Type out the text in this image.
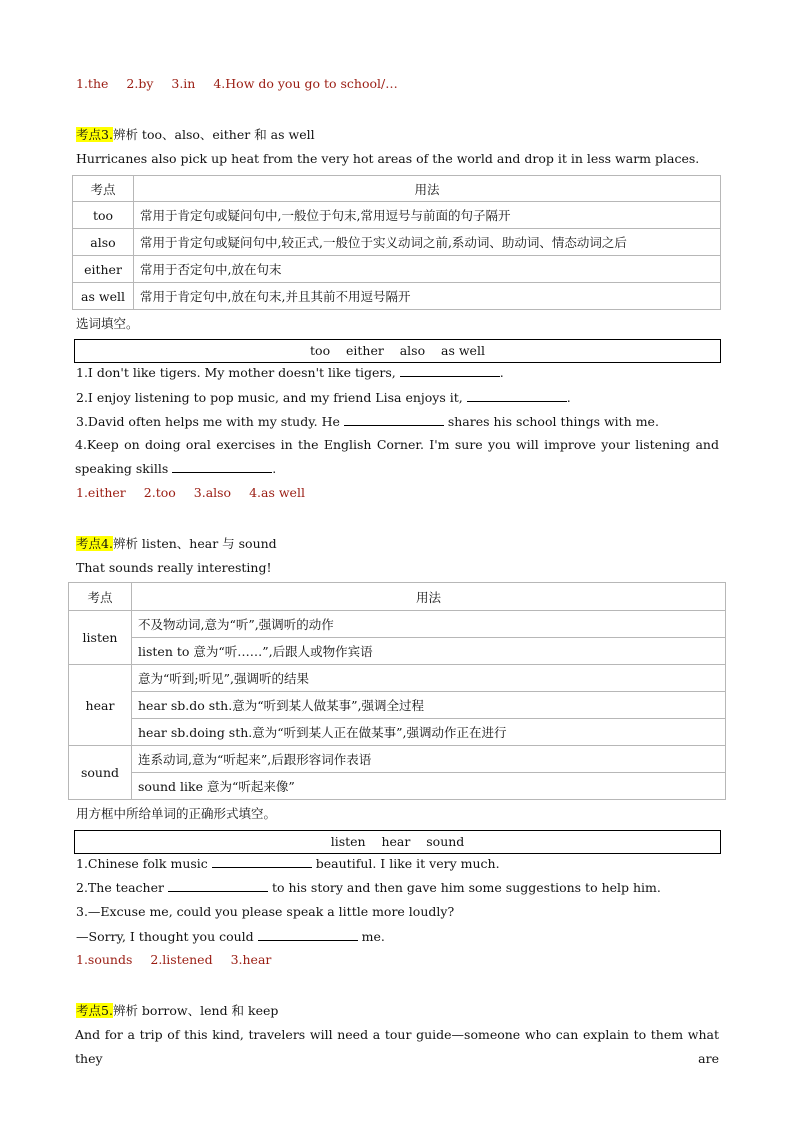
1.the 2.by 3.in 4.How do you go to school/…
考点3.辨析 too、also、either 和 as well
Hurricanes also pick up heat from the very hot areas of the world and drop it in less warm places.
考点	用法
too	常用于肯定句或疑问句中,一般位于句末,常用逗号与前面的句子隔开
also	常用于肯定句或疑问句中,较正式,一般位于实义动词之前,系动词、助动词、情态动词之后
either	常用于否定句中,放在句末
as well	常用于肯定句中,放在句末,并且其前不用逗号隔开
选词填空。
too    either    also    as well
1.I don't like tigers. My mother doesn't like tigers,	.
2.I enjoy listening to pop music, and my friend Lisa enjoys it,	.
3.David often helps me with my study. He	shares his school things with me.
4.Keep on doing oral exercises in the English Corner. I'm sure you will improve your listening and speaking skills	.
1.either 2.too 3.also 4.as well
考点4.辨析 listen、hear 与 sound
That sounds really interesting!
考点	用法
listen	不及物动词,意为“听”,强调听的动作
	listen to 意为“听……”,后跟人或物作宾语
hear	意为“听到;听见”,强调听的结果
	hear sb.do sth.意为“听到某人做某事”,强调全过程
	hear sb.doing sth.意为“听到某人正在做某事”,强调动作正在进行
sound	连系动词,意为“听起来”,后跟形容词作表语
	sound like 意为“听起来像”
用方框中所给单词的正确形式填空。
listen    hear    sound
1.Chinese folk music	beautiful. I like it very much.
2.The teacher	to his story and then gave him some suggestions to help him.
3.—Excuse me, could you please speak a little more loudly?
—Sorry, I thought you could	me.
1.sounds 2.listened 3.hear
考点5.辨析 borrow、lend 和 keep
And for a trip of this kind, travelers will need a tour guide—someone who can explain to them what they are
